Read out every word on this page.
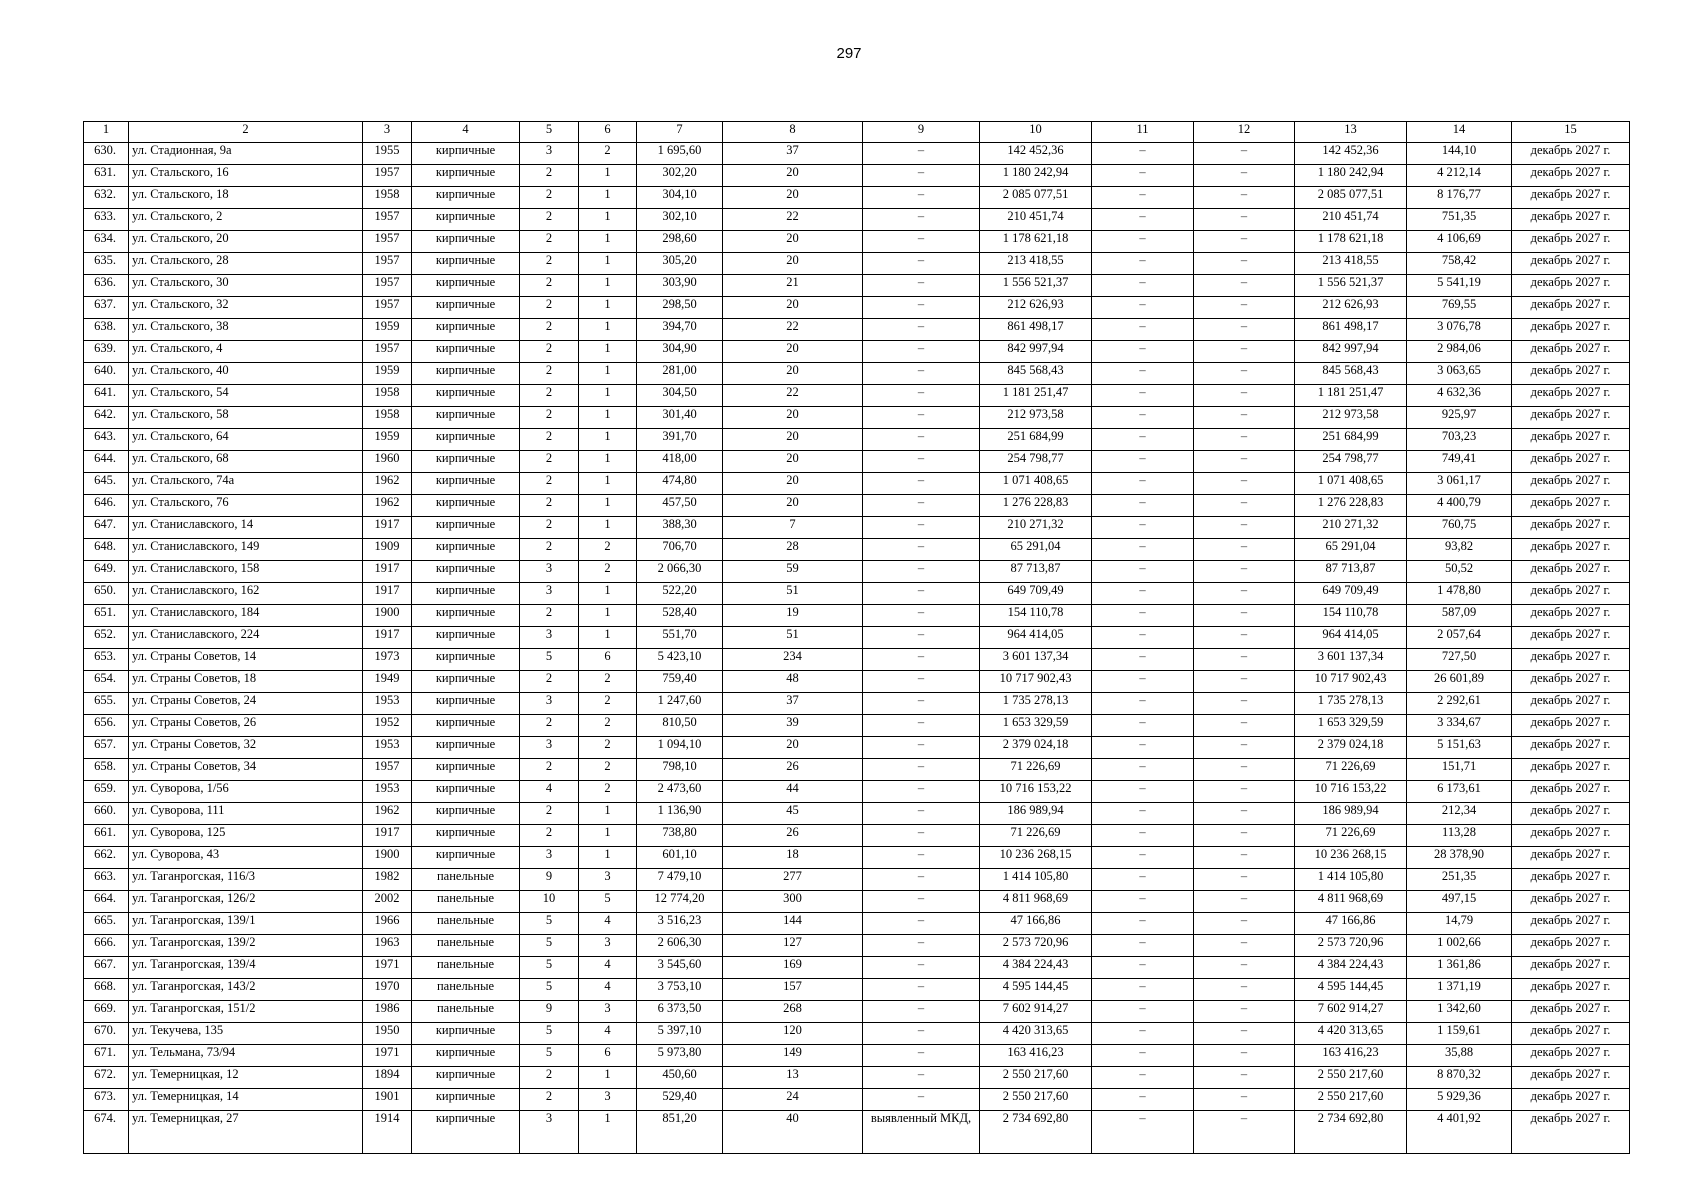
297
1	2	3	4	5	6	7	8	9	10	11	12	13	14	15
630.	ул. Стадионная, 9а	1955	кирпичные	3	2	1 695,60	37	–	142 452,36	–	–	142 452,36	144,10	декабрь 2027 г.
631.	ул. Стальского, 16	1957	кирпичные	2	1	302,20	20	–	1 180 242,94	–	–	1 180 242,94	4 212,14	декабрь 2027 г.
632.	ул. Стальского, 18	1958	кирпичные	2	1	304,10	20	–	2 085 077,51	–	–	2 085 077,51	8 176,77	декабрь 2027 г.
633.	ул. Стальского, 2	1957	кирпичные	2	1	302,10	22	–	210 451,74	–	–	210 451,74	751,35	декабрь 2027 г.
634.	ул. Стальского, 20	1957	кирпичные	2	1	298,60	20	–	1 178 621,18	–	–	1 178 621,18	4 106,69	декабрь 2027 г.
635.	ул. Стальского, 28	1957	кирпичные	2	1	305,20	20	–	213 418,55	–	–	213 418,55	758,42	декабрь 2027 г.
636.	ул. Стальского, 30	1957	кирпичные	2	1	303,90	21	–	1 556 521,37	–	–	1 556 521,37	5 541,19	декабрь 2027 г.
637.	ул. Стальского, 32	1957	кирпичные	2	1	298,50	20	–	212 626,93	–	–	212 626,93	769,55	декабрь 2027 г.
638.	ул. Стальского, 38	1959	кирпичные	2	1	394,70	22	–	861 498,17	–	–	861 498,17	3 076,78	декабрь 2027 г.
639.	ул. Стальского, 4	1957	кирпичные	2	1	304,90	20	–	842 997,94	–	–	842 997,94	2 984,06	декабрь 2027 г.
640.	ул. Стальского, 40	1959	кирпичные	2	1	281,00	20	–	845 568,43	–	–	845 568,43	3 063,65	декабрь 2027 г.
641.	ул. Стальского, 54	1958	кирпичные	2	1	304,50	22	–	1 181 251,47	–	–	1 181 251,47	4 632,36	декабрь 2027 г.
642.	ул. Стальского, 58	1958	кирпичные	2	1	301,40	20	–	212 973,58	–	–	212 973,58	925,97	декабрь 2027 г.
643.	ул. Стальского, 64	1959	кирпичные	2	1	391,70	20	–	251 684,99	–	–	251 684,99	703,23	декабрь 2027 г.
644.	ул. Стальского, 68	1960	кирпичные	2	1	418,00	20	–	254 798,77	–	–	254 798,77	749,41	декабрь 2027 г.
645.	ул. Стальского, 74а	1962	кирпичные	2	1	474,80	20	–	1 071 408,65	–	–	1 071 408,65	3 061,17	декабрь 2027 г.
646.	ул. Стальского, 76	1962	кирпичные	2	1	457,50	20	–	1 276 228,83	–	–	1 276 228,83	4 400,79	декабрь 2027 г.
647.	ул. Станиславского, 14	1917	кирпичные	2	1	388,30	7	–	210 271,32	–	–	210 271,32	760,75	декабрь 2027 г.
648.	ул. Станиславского, 149	1909	кирпичные	2	2	706,70	28	–	65 291,04	–	–	65 291,04	93,82	декабрь 2027 г.
649.	ул. Станиславского, 158	1917	кирпичные	3	2	2 066,30	59	–	87 713,87	–	–	87 713,87	50,52	декабрь 2027 г.
650.	ул. Станиславского, 162	1917	кирпичные	3	1	522,20	51	–	649 709,49	–	–	649 709,49	1 478,80	декабрь 2027 г.
651.	ул. Станиславского, 184	1900	кирпичные	2	1	528,40	19	–	154 110,78	–	–	154 110,78	587,09	декабрь 2027 г.
652.	ул. Станиславского, 224	1917	кирпичные	3	1	551,70	51	–	964 414,05	–	–	964 414,05	2 057,64	декабрь 2027 г.
653.	ул. Страны Советов, 14	1973	кирпичные	5	6	5 423,10	234	–	3 601 137,34	–	–	3 601 137,34	727,50	декабрь 2027 г.
654.	ул. Страны Советов, 18	1949	кирпичные	2	2	759,40	48	–	10 717 902,43	–	–	10 717 902,43	26 601,89	декабрь 2027 г.
655.	ул. Страны Советов, 24	1953	кирпичные	3	2	1 247,60	37	–	1 735 278,13	–	–	1 735 278,13	2 292,61	декабрь 2027 г.
656.	ул. Страны Советов, 26	1952	кирпичные	2	2	810,50	39	–	1 653 329,59	–	–	1 653 329,59	3 334,67	декабрь 2027 г.
657.	ул. Страны Советов, 32	1953	кирпичные	3	2	1 094,10	20	–	2 379 024,18	–	–	2 379 024,18	5 151,63	декабрь 2027 г.
658.	ул. Страны Советов, 34	1957	кирпичные	2	2	798,10	26	–	71 226,69	–	–	71 226,69	151,71	декабрь 2027 г.
659.	ул. Суворова, 1/56	1953	кирпичные	4	2	2 473,60	44	–	10 716 153,22	–	–	10 716 153,22	6 173,61	декабрь 2027 г.
660.	ул. Суворова, 111	1962	кирпичные	2	1	1 136,90	45	–	186 989,94	–	–	186 989,94	212,34	декабрь 2027 г.
661.	ул. Суворова, 125	1917	кирпичные	2	1	738,80	26	–	71 226,69	–	–	71 226,69	113,28	декабрь 2027 г.
662.	ул. Суворова, 43	1900	кирпичные	3	1	601,10	18	–	10 236 268,15	–	–	10 236 268,15	28 378,90	декабрь 2027 г.
663.	ул. Таганрогская, 116/3	1982	панельные	9	3	7 479,10	277	–	1 414 105,80	–	–	1 414 105,80	251,35	декабрь 2027 г.
664.	ул. Таганрогская, 126/2	2002	панельные	10	5	12 774,20	300	–	4 811 968,69	–	–	4 811 968,69	497,15	декабрь 2027 г.
665.	ул. Таганрогская, 139/1	1966	панельные	5	4	3 516,23	144	–	47 166,86	–	–	47 166,86	14,79	декабрь 2027 г.
666.	ул. Таганрогская, 139/2	1963	панельные	5	3	2 606,30	127	–	2 573 720,96	–	–	2 573 720,96	1 002,66	декабрь 2027 г.
667.	ул. Таганрогская, 139/4	1971	панельные	5	4	3 545,60	169	–	4 384 224,43	–	–	4 384 224,43	1 361,86	декабрь 2027 г.
668.	ул. Таганрогская, 143/2	1970	панельные	5	4	3 753,10	157	–	4 595 144,45	–	–	4 595 144,45	1 371,19	декабрь 2027 г.
669.	ул. Таганрогская, 151/2	1986	панельные	9	3	6 373,50	268	–	7 602 914,27	–	–	7 602 914,27	1 342,60	декабрь 2027 г.
670.	ул. Текучева, 135	1950	кирпичные	5	4	5 397,10	120	–	4 420 313,65	–	–	4 420 313,65	1 159,61	декабрь 2027 г.
671.	ул. Тельмана, 73/94	1971	кирпичные	5	6	5 973,80	149	–	163 416,23	–	–	163 416,23	35,88	декабрь 2027 г.
672.	ул. Темерницкая, 12	1894	кирпичные	2	1	450,60	13	–	2 550 217,60	–	–	2 550 217,60	8 870,32	декабрь 2027 г.
673.	ул. Темерницкая, 14	1901	кирпичные	2	3	529,40	24	–	2 550 217,60	–	–	2 550 217,60	5 929,36	декабрь 2027 г.
674.	ул. Темерницкая, 27	1914	кирпичные	3	1	851,20	40	выявленный МКД,	2 734 692,80	–	–	2 734 692,80	4 401,92	декабрь 2027 г.
